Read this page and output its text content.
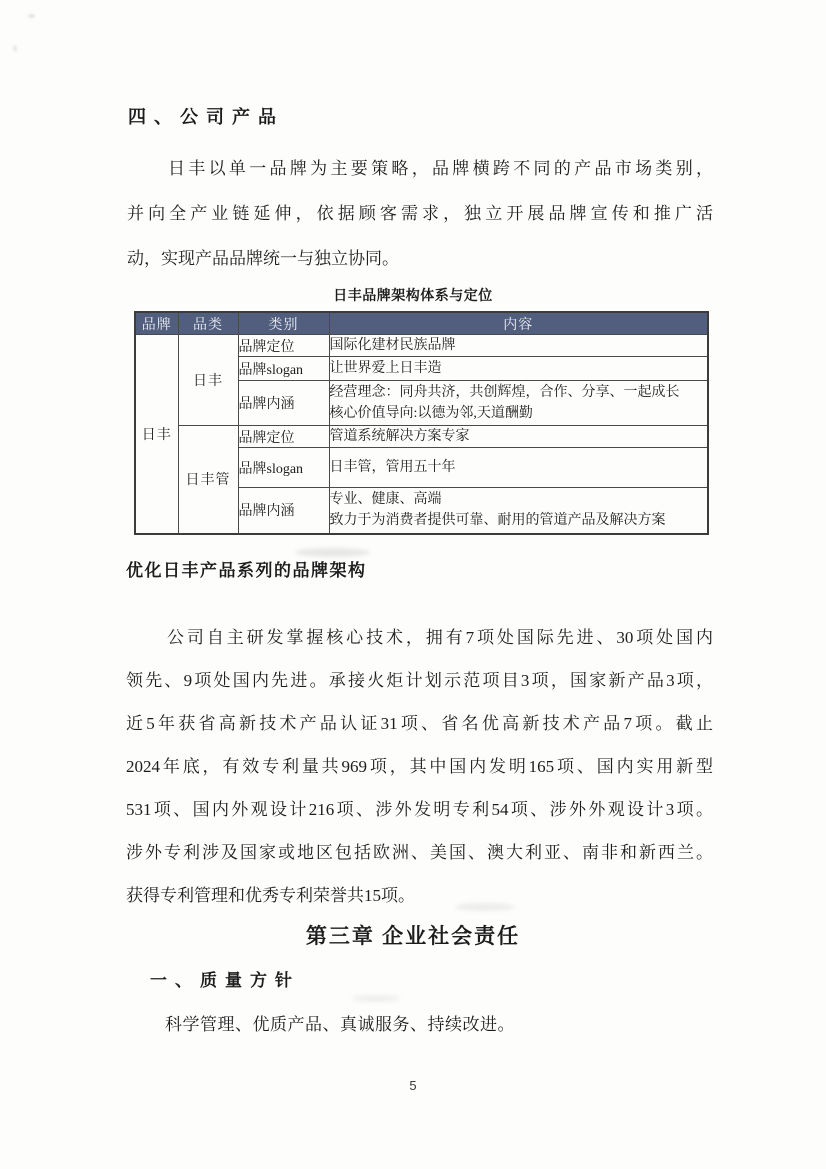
四、公司产品
日丰以单一品牌为主要策略，品牌横跨不同的产品市场类别，
并向全产业链延伸，依据顾客需求，独立开展品牌宣传和推广活
动，实现产品品牌统一与独立协同。
日丰品牌架构体系与定位
品牌	品类	类别	内容
日丰	日丰	品牌定位	国际化建材民族品牌
		品牌slogan	让世界爱上日丰造
		品牌内涵	经营理念：同舟共济，共创辉煌，合作、分享、一起成长
核心价值导向:以德为邻,天道酬勤

	日丰管	品牌定位	管道系统解决方案专家
		品牌slogan	日丰管，管用五十年
		品牌内涵	专业、健康、高端
致力于为消费者提供可靠、耐用的管道产品及解决方案
优化日丰产品系列的品牌架构
公司自主研发掌握核心技术，拥有7项处国际先进、30项处国内
领先、9项处国内先进。承接火炬计划示范项目3项，国家新产品3项，
近5年获省高新技术产品认证31项、省名优高新技术产品7项。截止
2024年底，有效专利量共969项，其中国内发明165项、国内实用新型
531项、国内外观设计216项、涉外发明专利54项、涉外外观设计3项。
涉外专利涉及国家或地区包括欧洲、美国、澳大利亚、南非和新西兰。
获得专利管理和优秀专利荣誉共15项。
第三章 企业社会责任
一、质量方针
科学管理、优质产品、真诚服务、持续改进。
5
